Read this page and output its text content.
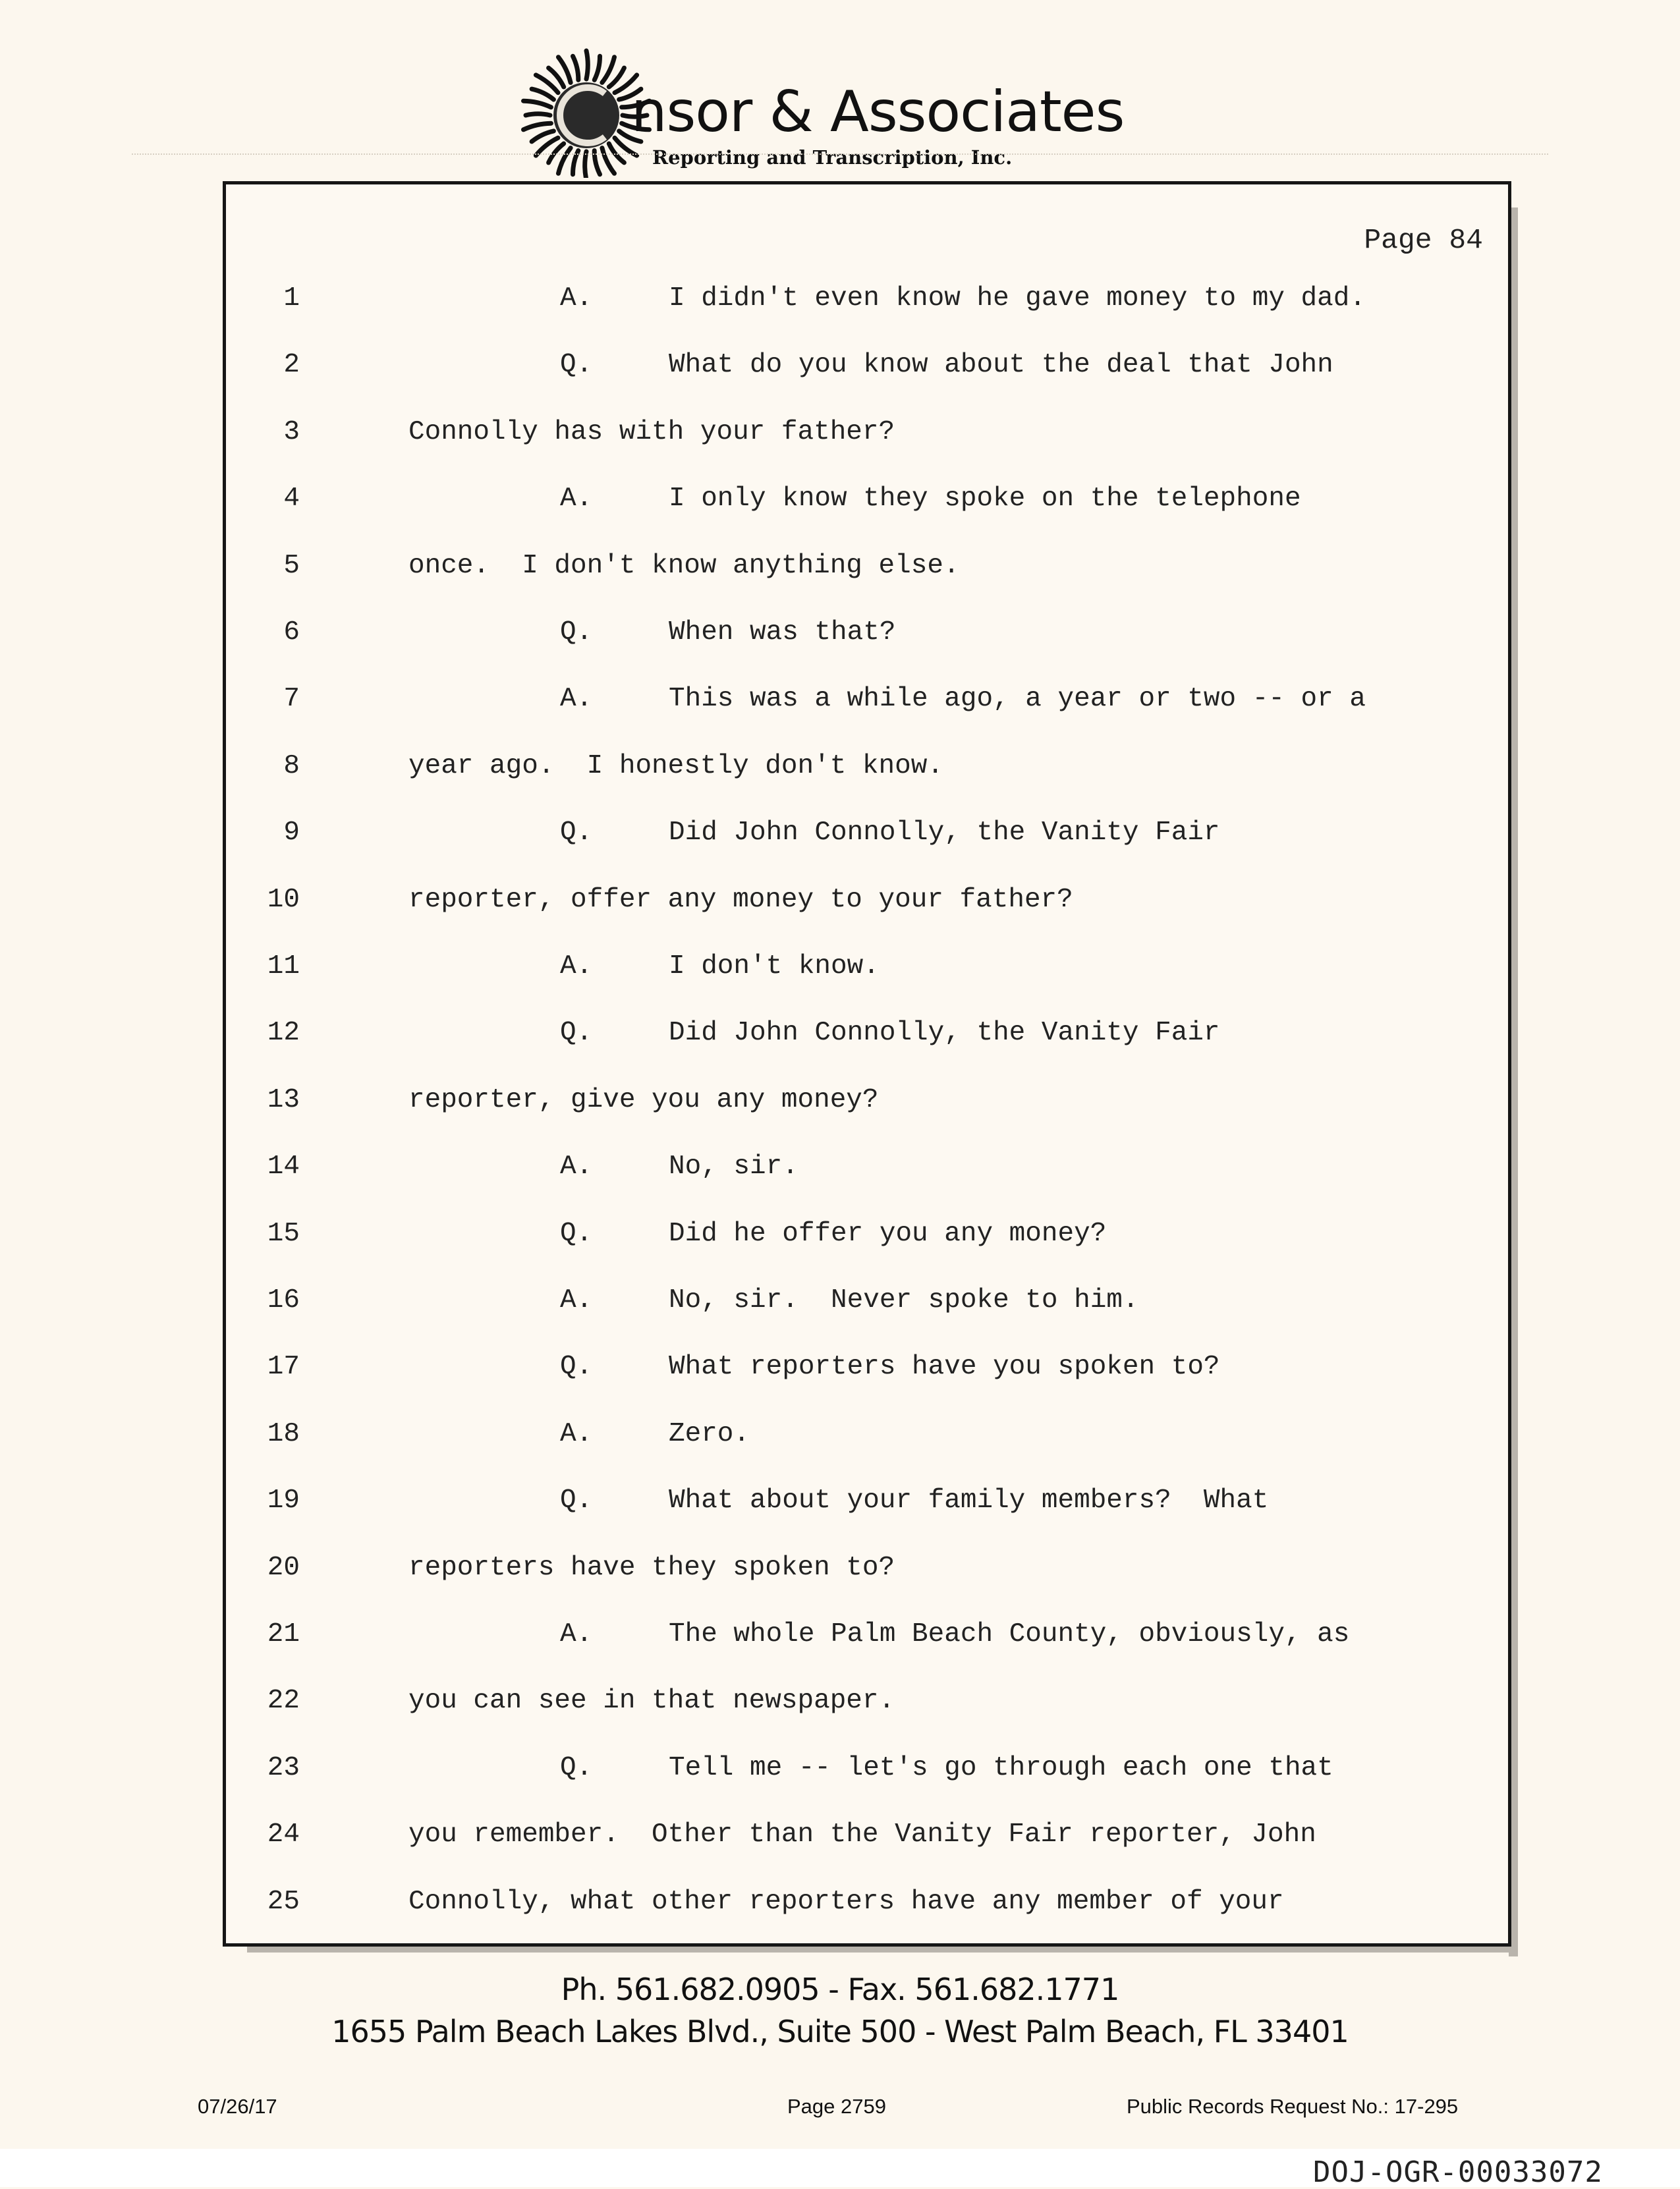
nsor & Associates
Reporting and Transcription, Inc.
Page 84
1	A.	I didn't even know he gave money to my dad.
2	Q.	What do you know about the deal that John
3	Connolly has with your father?
4	A.	I only know they spoke on the telephone
5	once.  I don't know anything else.
6	Q.	When was that?
7	A.	This was a while ago, a year or two -- or a
8	year ago.  I honestly don't know.
9	Q.	Did John Connolly, the Vanity Fair
10	reporter, offer any money to your father?
11	A.	I don't know.
12	Q.	Did John Connolly, the Vanity Fair
13	reporter, give you any money?
14	A.	No, sir.
15	Q.	Did he offer you any money?
16	A.	No, sir.  Never spoke to him.
17	Q.	What reporters have you spoken to?
18	A.	Zero.
19	Q.	What about your family members?  What
20	reporters have they spoken to?
21	A.	The whole Palm Beach County, obviously, as
22	you can see in that newspaper.
23	Q.	Tell me -- let's go through each one that
24	you remember.  Other than the Vanity Fair reporter, John
25	Connolly, what other reporters have any member of your
Ph. 561.682.0905 - Fax. 561.682.1771
1655 Palm Beach Lakes Blvd., Suite 500 - West Palm Beach, FL 33401
07/26/17	Page 2759	Public Records Request No.: 17-295
DOJ-OGR-00033072
